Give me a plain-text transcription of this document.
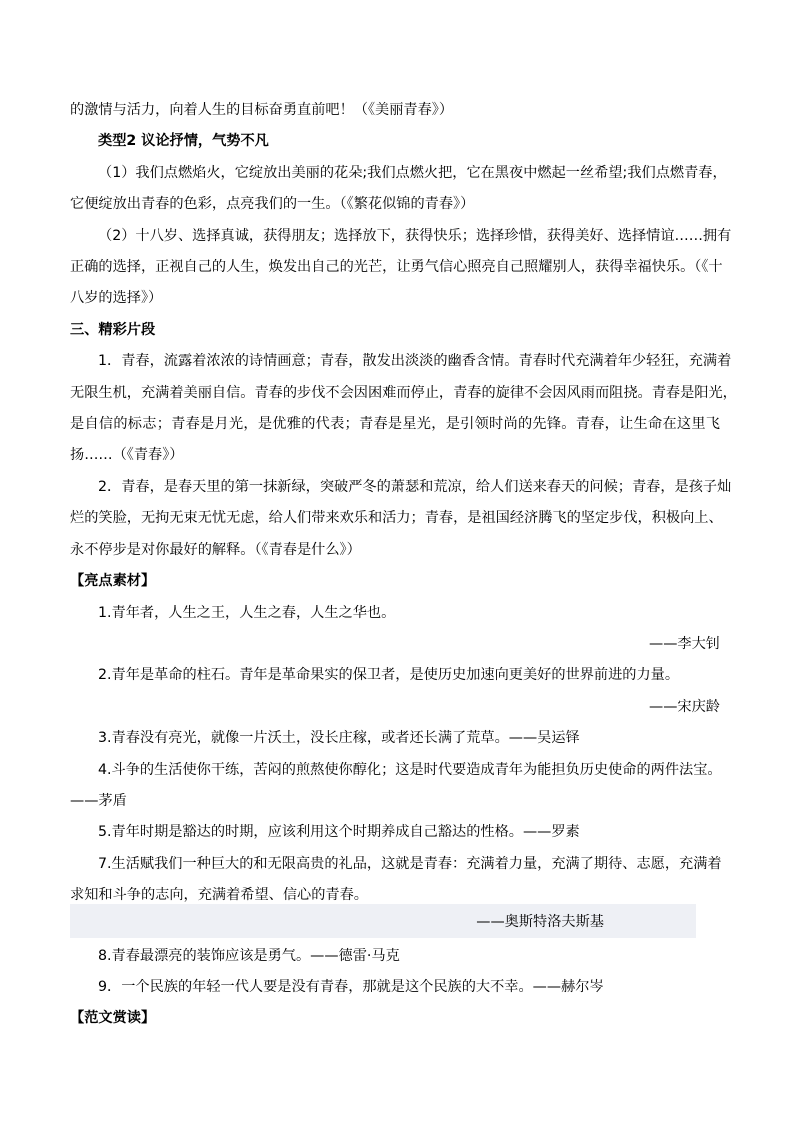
的激情与活力，向着人生的目标奋勇直前吧！（《美丽青春》）
类型2 议论抒情，气势不凡
（1）我们点燃焰火，它绽放出美丽的花朵;我们点燃火把，它在黑夜中燃起一丝希望;我们点燃青春，
它便绽放出青春的色彩，点亮我们的一生。（《繁花似锦的青春》）
（2）十八岁、选择真诚，获得朋友；选择放下，获得快乐；选择珍惜，获得美好、选择情谊……拥有
正确的选择，正视自己的人生，焕发出自己的光芒，让勇气信心照亮自己照耀别人，获得幸福快乐。（《十
八岁的选择》）
三、精彩片段
1．青春，流露着浓浓的诗情画意；青春，散发出淡淡的幽香含情。青春时代充满着年少轻狂，充满着
无限生机，充满着美丽自信。青春的步伐不会因困难而停止，青春的旋律不会因风雨而阻挠。青春是阳光，
是自信的标志；青春是月光，是优雅的代表；青春是星光，是引领时尚的先锋。青春，让生命在这里飞
扬……（《青春》）
2．青春，是春天里的第一抹新绿，突破严冬的萧瑟和荒凉，给人们送来春天的问候；青春，是孩子灿
烂的笑脸，无拘无束无忧无虑，给人们带来欢乐和活力；青春，是祖国经济腾飞的坚定步伐，积极向上、
永不停步是对你最好的解释。（《青春是什么》）
【亮点素材】
1.青年者，人生之王，人生之春，人生之华也。
——李大钊
2.青年是革命的柱石。青年是革命果实的保卫者，是使历史加速向更美好的世界前进的力量。
——宋庆龄
3.青春没有亮光，就像一片沃土，没长庄稼，或者还长满了荒草。——吴运铎
4.斗争的生活使你干练，苦闷的煎熬使你醇化；这是时代要造成青年为能担负历史使命的两件法宝。
——茅盾
5.青年时期是豁达的时期，应该利用这个时期养成自己豁达的性格。——罗素
7.生活赋我们一种巨大的和无限高贵的礼品，这就是青春：充满着力量，充满了期待、志愿，充满着
求知和斗争的志向，充满着希望、信心的青春。
——奥斯特洛夫斯基
8.青春最漂亮的装饰应该是勇气。——德雷·马克
9．一个民族的年轻一代人要是没有青春，那就是这个民族的大不幸。——赫尔岑
【范文赏读】
